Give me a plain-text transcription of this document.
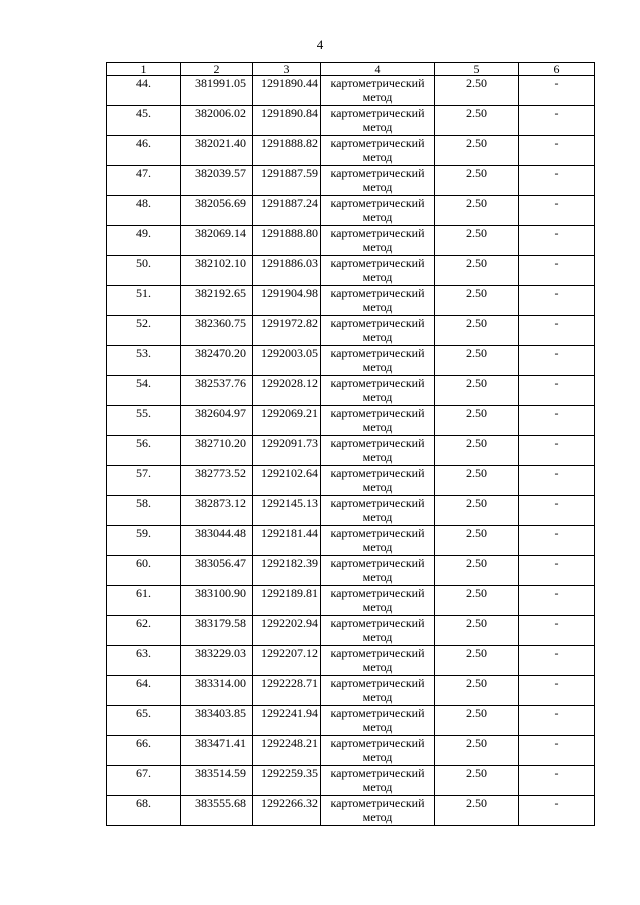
4
1	2	3	4	5	6
44.	381991.05	1291890.44	картометрический метод	2.50	-
45.	382006.02	1291890.84	картометрический метод	2.50	-
46.	382021.40	1291888.82	картометрический метод	2.50	-
47.	382039.57	1291887.59	картометрический метод	2.50	-
48.	382056.69	1291887.24	картометрический метод	2.50	-
49.	382069.14	1291888.80	картометрический метод	2.50	-
50.	382102.10	1291886.03	картометрический метод	2.50	-
51.	382192.65	1291904.98	картометрический метод	2.50	-
52.	382360.75	1291972.82	картометрический метод	2.50	-
53.	382470.20	1292003.05	картометрический метод	2.50	-
54.	382537.76	1292028.12	картометрический метод	2.50	-
55.	382604.97	1292069.21	картометрический метод	2.50	-
56.	382710.20	1292091.73	картометрический метод	2.50	-
57.	382773.52	1292102.64	картометрический метод	2.50	-
58.	382873.12	1292145.13	картометрический метод	2.50	-
59.	383044.48	1292181.44	картометрический метод	2.50	-
60.	383056.47	1292182.39	картометрический метод	2.50	-
61.	383100.90	1292189.81	картометрический метод	2.50	-
62.	383179.58	1292202.94	картометрический метод	2.50	-
63.	383229.03	1292207.12	картометрический метод	2.50	-
64.	383314.00	1292228.71	картометрический метод	2.50	-
65.	383403.85	1292241.94	картометрический метод	2.50	-
66.	383471.41	1292248.21	картометрический метод	2.50	-
67.	383514.59	1292259.35	картометрический метод	2.50	-
68.	383555.68	1292266.32	картометрический метод	2.50	-
